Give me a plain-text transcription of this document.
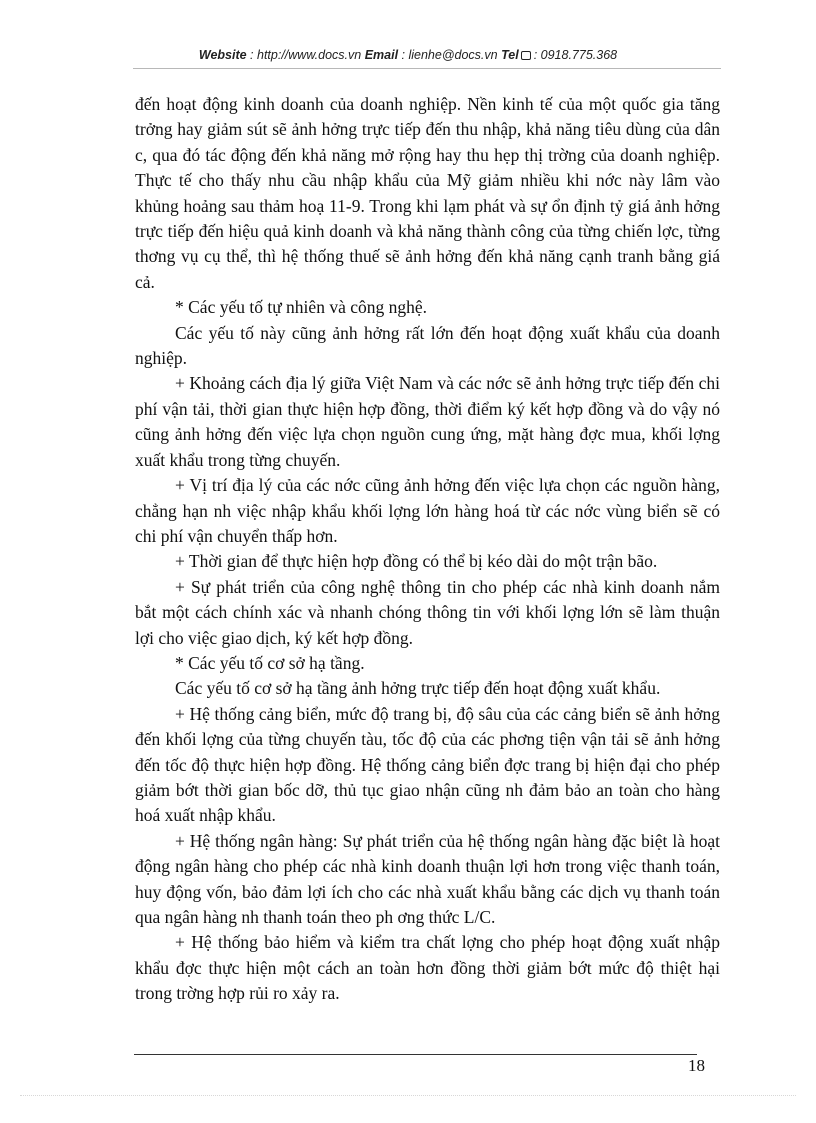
Website : http://www.docs.vn Email : lienhe@docs.vn Tel : 0918.775.368

đến hoạt động kinh doanh của doanh nghiệp. Nền kinh tế của một quốc gia tăng trởng hay giảm sút sẽ ảnh hởng trực tiếp đến thu nhập, khả năng tiêu dùng của dân c, qua đó tác động đến khả năng mở rộng hay thu hẹp thị trờng của doanh nghiệp. Thực tế cho thấy nhu cầu nhập khẩu của Mỹ giảm nhiều khi nớc này lâm vào khủng hoảng sau thảm hoạ 11-9. Trong khi lạm phát và sự ổn định tỷ giá ảnh hởng trực tiếp đến hiệu quả kinh doanh và khả năng thành công của từng chiến lợc, từng thơng vụ cụ thể, thì hệ thống thuế sẽ ảnh hởng đến khả năng cạnh tranh bằng giá cả.

* Các yếu tố tự nhiên và công nghệ.

Các yếu tố này cũng ảnh hởng rất lớn đến hoạt động xuất khẩu của doanh nghiệp.

+ Khoảng cách địa lý giữa Việt Nam và các nớc sẽ ảnh hởng trực tiếp đến chi phí vận tải, thời gian thực hiện hợp đồng, thời điểm ký kết hợp đồng và do vậy nó cũng ảnh hởng đến việc lựa chọn nguồn cung ứng, mặt hàng đợc mua, khối lợng xuất khẩu trong từng chuyến.

+ Vị trí địa lý của các nớc cũng ảnh hởng đến việc lựa chọn các nguồn hàng, chẳng hạn nh việc nhập khẩu khối lợng lớn hàng hoá từ các nớc vùng biển sẽ có chi phí vận chuyển thấp hơn.

+ Thời gian để thực hiện hợp đồng có thể bị kéo dài do một trận bão.

+ Sự phát triển của công nghệ thông tin cho phép các nhà kinh doanh nắm bắt một cách chính xác và nhanh chóng thông tin với khối lợng lớn sẽ làm thuận lợi cho việc giao dịch, ký kết hợp đồng.

* Các yếu tố cơ sở hạ tầng.

Các yếu tố cơ sở hạ tầng ảnh hởng trực tiếp đến hoạt động xuất khẩu.

+ Hệ thống cảng biển, mức độ trang bị, độ sâu của các cảng biển sẽ ảnh hởng đến khối lợng của từng chuyến tàu, tốc độ của các phơng tiện vận tải sẽ ảnh hởng đến tốc độ thực hiện hợp đồng. Hệ thống cảng biển đợc trang bị hiện đại cho phép giảm bớt thời gian bốc dỡ, thủ tục giao nhận cũng nh đảm bảo an toàn cho hàng hoá xuất nhập khẩu.

+ Hệ thống ngân hàng: Sự phát triển của hệ thống ngân hàng đặc biệt là hoạt động ngân hàng cho phép các nhà kinh doanh thuận lợi hơn trong việc thanh toán, huy động vốn, bảo đảm lợi ích cho các nhà xuất khẩu bằng các dịch vụ thanh toán qua ngân hàng nh thanh toán theo ph ơng thức L/C.

+ Hệ thống bảo hiểm và kiểm tra chất lợng cho phép hoạt động xuất nhập khẩu đợc thực hiện một cách an toàn hơn đồng thời giảm bớt mức độ thiệt hại trong trờng hợp rủi ro xảy ra.

18
